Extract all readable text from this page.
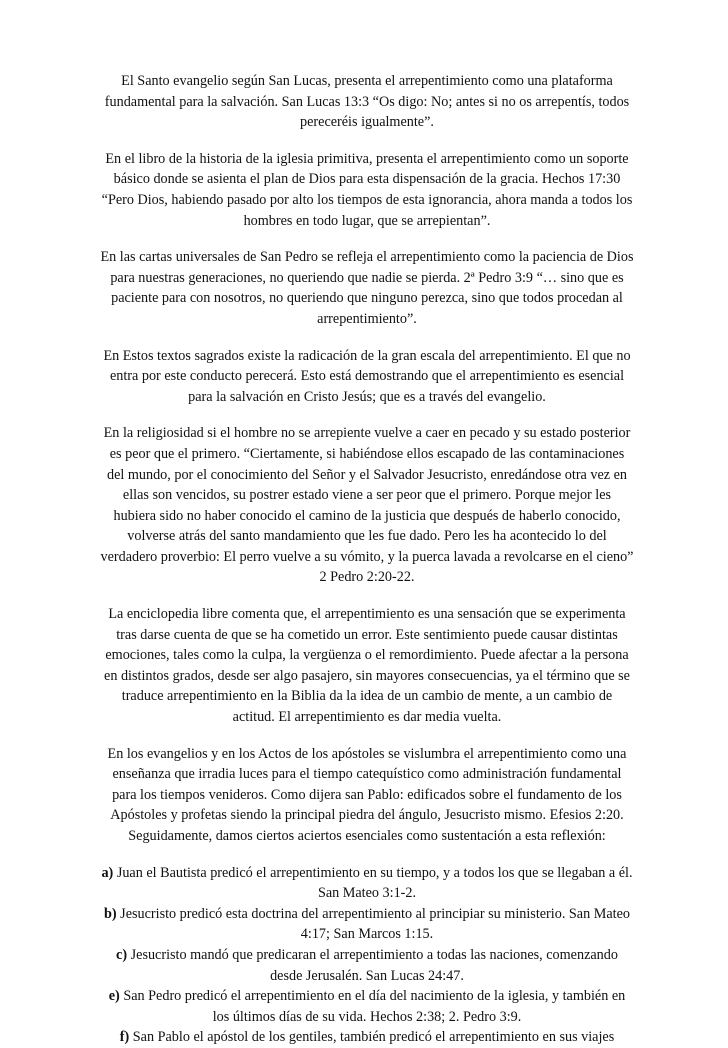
El Santo evangelio según San Lucas, presenta el arrepentimiento como una plataforma fundamental para la salvación. San Lucas 13:3 “Os digo: No; antes si no os arrepentís, todos pereceréis igualmente”.

En el libro de la historia de la iglesia primitiva, presenta el arrepentimiento como un soporte básico donde se asienta el plan de Dios para esta dispensación de la gracia. Hechos 17:30 “Pero Dios, habiendo pasado por alto los tiempos de esta ignorancia, ahora manda a todos los hombres en todo lugar, que se arrepientan”.

En las cartas universales de San Pedro se refleja el arrepentimiento como la paciencia de Dios para nuestras generaciones, no queriendo que nadie se pierda. 2ª Pedro 3:9 “… sino que es paciente para con nosotros, no queriendo que ninguno perezca, sino que todos procedan al arrepentimiento”.

En Estos textos sagrados existe la radicación de la gran escala del arrepentimiento. El que no entra por este conducto perecerá. Esto está demostrando que el arrepentimiento es esencial para la salvación en Cristo Jesús; que es a través del evangelio.

En la religiosidad si el hombre no se arrepiente vuelve a caer en pecado y su estado posterior es peor que el primero. “Ciertamente, si habiéndose ellos escapado de las contaminaciones del mundo, por el conocimiento del Señor y el Salvador Jesucristo, enredándose otra vez en ellas son vencidos, su postrer estado viene a ser peor que el primero. Porque mejor les hubiera sido no haber conocido el camino de la justicia que después de haberlo conocido, volverse atrás del santo mandamiento que les fue dado. Pero les ha acontecido lo del verdadero proverbio: El perro vuelve a su vómito, y la puerca lavada a revolcarse en el cieno” 2 Pedro 2:20-22.

La enciclopedia libre comenta que, el arrepentimiento es una sensación que se experimenta tras darse cuenta de que se ha cometido un error. Este sentimiento puede causar distintas emociones, tales como la culpa, la vergüenza o el remordimiento. Puede afectar a la persona en distintos grados, desde ser algo pasajero, sin mayores consecuencias, ya el término que se traduce arrepentimiento en la Biblia da la idea de un cambio de mente, a un cambio de actitud. El arrepentimiento es dar media vuelta.

En los evangelios y en los Actos de los apóstoles se vislumbra el arrepentimiento como una enseñanza que irradia luces para el tiempo catequístico como administración fundamental para los tiempos venideros. Como dijera san Pablo: edificados sobre el fundamento de los Apóstoles y profetas siendo la principal piedra del ángulo, Jesucristo mismo. Efesios 2:20. Seguidamente, damos ciertos aciertos esenciales como sustentación a esta reflexión:

a) Juan el Bautista predicó el arrepentimiento en su tiempo, y a todos los que se llegaban a él. San Mateo 3:1-2.

b) Jesucristo predicó esta doctrina del arrepentimiento al principiar su ministerio. San Mateo 4:17; San Marcos 1:15.

c) Jesucristo mandó que predicaran el arrepentimiento a todas las naciones, comenzando desde Jerusalén. San Lucas 24:47.

e) San Pedro predicó el arrepentimiento en el día del nacimiento de la iglesia, y también en los últimos días de su vida. Hechos 2:38; 2. Pedro 3:9.

f) San Pablo el apóstol de los gentiles, también predicó el arrepentimiento en sus viajes
